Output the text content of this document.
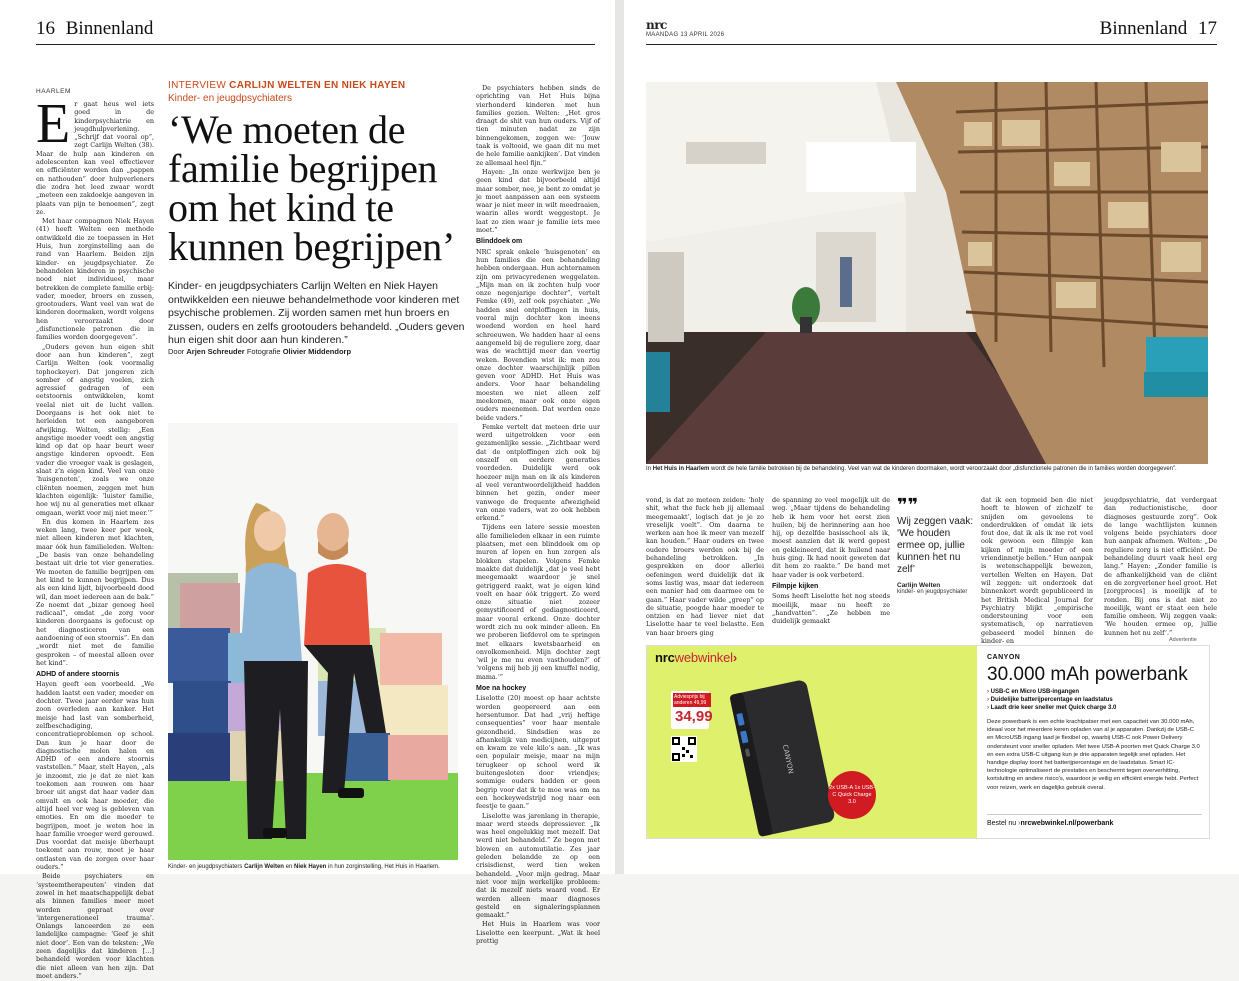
16 Binnenland
HAARLEM

Er gaat heus wel iets goed in de kinderpsychiatrie en jeugdhulpverlening. „Schrijf dat vooral op”, zegt Carlijn Welten (38). Maar de hulp aan kinderen en adolescenten kan veel effectiever en efficiënter worden dan „pappen en nathouden” door hulpverleners die zodra het leed zwaar wordt „meteen een zakdoekje aangeven in plaats van pijn te benoemen”, zegt ze.

Met haar compagnon Niek Hayen (41) heeft Welten een methode ontwikkeld die ze toepassen in Het Huis, hun zorginstelling aan de rand van Haarlem. Beiden zijn kinder- en jeugdpsychiater. Ze behandelen kinderen in psychische nood niet individueel, maar betrekken de complete familie erbij: vader, moeder, broers en zussen, grootouders. Want veel van wat de kinderen doormaken, wordt volgens hen veroorzaakt door „disfunctionele patronen die in families worden doorgegeven”.

„Ouders geven hun eigen shit door aan hun kinderen”, zegt Carlijn Welten (ook voormalig tophockeyer). Dat jongeren zich somber of angstig voelen, zich agressief gedragen of een eetstoornis ontwikkelen, komt veelal niet uit de lucht vallen. Doorgaans is het ook niet te herleiden tot een aangeboren afwijking. Welten, stellig: „Een angstige moeder voedt een angstig kind op dat op haar beurt weer angstige kinderen opvoedt. Een vader die vroeger vaak is geslagen, slaat z’n eigen kind. Veel van onze ‘huisgenoten’, zoals we onze cliënten noemen, zeggen met hun klachten eigenlijk: ‘luister familie, hoe wij nu al generaties met elkaar omgaan, werkt voor mij niet meer.’”

En dus komen in Haarlem zes weken lang, twee keer per week, niet alleen kinderen met klachten, maar óók hun familieleden. Welten: „De basis van onze behandeling bestaat uit drie tot vier generaties. We moeten de familie begrijpen om het kind te kunnen begrijpen. Dus als een kind lijdt, bijvoorbeeld dood wil, dan moet iedereen aan de bak.” Ze noemt dat „bizar genoeg heel radicaal”, omdat „de zorg voor kinderen doorgaans is gefocust op het diagnosticeren van een aandoening of een stoornis”. En dan „wordt niet met de familie gesproken – of meestal alleen over het kind”.

ADHD of andere stoornis

Hayen geeft een voorbeeld. „We hadden laatst een vader, moeder en dochter. Twee jaar eerder was hun zoon overleden aan kanker. Het meisje had last van somberheid, zelfbeschadiging, concentratieproblemen op school. Dan kun je haar door de diagnostische molen halen en ADHD of een andere stoornis vaststellen.” Maar, stelt Hayen, „als je inzoomt, zie je dat ze niet kan toekomen aan rouwen om haar broer uit angst dat haar vader dan omvalt en ook haar moeder, die altijd heel ver weg is gebleven van emoties. En om die moeder te begrijpen, moet je weten hoe in haar familie vroeger werd gerouwd. Dus voordat dat meisje überhaupt toekomt aan rouw, moet je haar ontlasten van de zorgen over haar ouders.”

Beide psychiaters en ‘systeemtherapeuten’ vinden dat zowel in het maatschappelijk debat als binnen families meer moet worden gepraat over ‘intergenerationeel trauma’. Onlangs lanceerden ze een landelijke campagne: ‘Geef je shit niet door’. Een van de teksten: „We zeen dagelijks dat kinderen […] behandeld worden voor klachten die niet alleen van hen zijn. Dat moet anders.”

INTERVIEW CARLIJN WELTEN EN NIEK HAYEN
Kinder- en jeugdpsychiaters
‘We moeten de familie begrijpen om het kind te kunnen begrijpen’
Kinder- en jeugdpsychiaters Carlijn Welten en Niek Hayen ontwikkelden een nieuwe behandelmethode voor kinderen met psychische problemen. Zij worden samen met hun broers en zussen, ouders en zelfs grootouders behandeld. „Ouders geven hun eigen shit door aan hun kinderen.”
Door Arjen Schreuder Fotografie Olivier Middendorp
Kinder- en jeugdpsychiaters Carlijn Welten en Niek Hayen in hun zorginstelling, Het Huis in Haarlem.

De psychiaters hebben sinds de oprichting van Het Huis bijna vierhonderd kinderen met hun families gezien. Welten: „Het gros draagt de shit van hun ouders. Vijf of tien minuten nadat ze zijn binnengekomen, zeggen we: ‘Jouw taak is voltooid, we gaan dit nu met de hele familie aankijken’. Dat vinden ze allemaal heel fijn.”

Hayen: „In onze werkwijze ben je geen kind dat bijvoorbeeld altijd maar somber, nee, je bent zo omdat je je moet aanpassen aan een systeem waar je niet meer in wilt meedraaien, waarin alles wordt weggestopt. Je laat zo zien waar je familie iets mee moet.”

Blinddoek om

NRC sprak enkele ‘huisgenoten’ en hun families die een behandeling hebben ondergaan. Hun achternamen zijn om privacyredenen weggelaten. „Mijn man en ik zochten hulp voor onze negenjarige dochter”, vertelt Femke (49), zelf ook psychiater. „We hadden snel ontploffingen in huis, vooral mijn dochter kon ineens woedend worden en heel hard schreeuwen. We hadden haar al eens aangemeld bij de reguliere zorg, daar was de wachttijd meer dan veertig weken. Bovendien wist ik: men zou onze dochter waarschijnlijk pillen geven voor ADHD. Het Huis was anders. Voor haar behandeling moesten we niet alleen zelf meekomen, maar ook onze eigen ouders meenemen. Dat werden onze beide vaders.”

Femke vertelt dat meteen drie uur werd uitgetrokken voor een gezamenlijke sessie. „Zichtbaar werd dat de ontploffingen zich ook bij onszelf en eerdere generaties voordeden. Duidelijk werd ook hoezeer mijn man en ik als kinderen al veel verantwoordelijkheid hadden binnen het gezin, onder meer vanwege de frequente afwezigheid van onze vaders, wat zo ook hebben erkend.”

Tijdens een latere sessie moesten alle familieleden elkaar in een ruimte plaatsen, met een blinddoek om op muren af lopen en hun zorgen als blokken stapelen. Volgens Femke maakte dat duidelijk „dat je veel hebt meegemaakt waardoor je snel getriggerd raakt, wat je eigen kind voelt en haar óók triggert. Zo werd onze situatie niet zozeer gemystificeerd of gediagnosticeerd, maar vooral erkend. Onze dochter wordt zich nu ook minder alleen. En we proberen liefdevol om te springen met elkaars kwetsbaarheid en onvolkomenheid. Mijn dochter zegt ‘wil je me nu even vasthouden?’ of ‘volgens mij heb jij een knuffel nodig, mama.’”

Moe na hockey

Liselotte (20) moest op haar achtste worden geopereerd aan een hersentumor. Dat had „vrij heftige consequenties” voor haar mentale gezondheid. Sindsdien was ze afhankelijk van medicijnen, uitgeput en kwam ze vele kilo’s aan. „Ik was een populair meisje, maar na mijn terugkeer op school werd ik buitengesloten door vriendjes; sommige ouders hadden er geen begrip voor dat ik te moe was om na een hockeywedstrijd nog naar een feestje te gaan.”

Liselotte was jarenlang in therapie, maar werd steeds depressiever. „Ik was heel ongelukkig met mezelf. Dat werd niet behandeld.” Ze begon met blowen en automutilatie. Zes jaar geleden belandde ze op een crisisdienst, werd tien weken behandeld. „Voor mijn gedrag. Maar niet voor mijn werkelijke probleem: dat ik mezelf niets waard vond. Er werden alleen maar diagnoses gesteld en signaleringsplannen gemaakt.”

Het Huis in Haarlem was voor Liselotte een keerpunt. „Wat ik heel prettig

nrc
MAANDAG 13 APRIL 2026	Binnenland 17
In Het Huis in Haarlem wordt de hele familie betrokken bij de behandeling. Veel van wat de kinderen doormaken, wordt veroorzaakt door „disfunctionele patronen die in families worden doorgegeven”.

vond, is dat ze meteen zeiden: ‘holy shit, what the fuck heb jij allemaal meegemaakt’, logisch dat je je zo vreselijk voelt”. Om daarna te werken aan hoe ik meer van mezelf kan houden.” Haar ouders en twee oudere broers werden ook bij de behandeling betrokken. „In gesprekken en door allerlei oefeningen werd duidelijk dat ik soms lastig was, maar dat iedereen een manier had om daarmee om te gaan.” Haar vader wilde „greep” op de situatie, poogde haar moeder te ontzien en had liever niet dat Liselotte haar te veel belastte. Een van haar broers ging

de spanning zo veel mogelijk uit de weg. „Maar tijdens de behandeling heb ik hem voor het eerst zien huilen, bij de herinnering aan hoe hij, op dezelfde basisschool als ik, moest aanzien dat ik werd gepest en gekleineerd, dat ik huilend naar huis ging. Ik had nooit geweten dat dit hem zo raakte.” De band met haar vader is ook verbeterd.

Filmpje kijken

Soms heeft Liselotte het nog steeds moeilijk, maar nu heeft ze „handvatten”. „Ze hebben me duidelijk gemaakt

❞❞
Wij zeggen vaak: ‘We houden ermee op, jullie kunnen het nu zelf’
Carlijn Welten
kinder- en jeugdpsychiater

dat ik een topmeid ben die niet hoeft te blowen of zichzelf te snijden om gevoelens te onderdrukken of omdat ik iets fout doe, dat ik als ik me rot voel ook gewoon een filmpje kan kijken of mijn moeder of een vriendinnetje bellen.” Hun aanpak is wetenschappelijk bewezen, vertellen Welten en Hayen. Dat wil zeggen: uit onderzoek dat binnenkort wordt gepubliceerd in het British Medical Journal for Psychiatry blijkt „empirische ondersteuning voor een systematisch, op narratieven gebaseerd model binnen de kinder- en

jeugdpsychiatrie, dat verdergaat dan reductionistische, door diagnoses gestuurde zorg”. Ook de lange wachtlijsten kunnen volgens beide psychiaters door hun aanpak afnemen. Welten: „De reguliere zorg is niet efficiënt. De behandeling duurt vaak heel erg lang.” Hayen: „Zonder familie is de afhankelijkheid van de cliënt en de zorgverlener heel groot. Het [zorgproces] is moeilijk af te ronden. Bij ons is dat niet zo moeilijk, want er staat een hele familie omheen. Wij zeggen vaak: ‘We houden ermee op, jullie kunnen het nu zelf’.”

Advertentie
nrcwebwinkel›
Adviesprijs bij anderen 49,99
34,99
CANYON
2x USB-A 1x USB-C Quick Charge 3.0
CANYON
30.000 mAh powerbank
› USB-C en Micro USB-ingangen
› Duidelijke batterijpercentage en laadstatus
› Laadt drie keer sneller met Quick charge 3.0
Deze powerbank is een echte krachtpatser met een capaciteit van 30.000 mAh, ideaal voor het meerdere keren opladen van al je apparaten. Dankzij de USB-C en MicroUSB ingang laad je flexibel op, waarbij USB-C ook Power Delivery ondersteunt voor sneller opladen. Met twee USB-A poorten met Quick Charge 3.0 en een extra USB-C uitgang kun je drie apparaten tegelijk snel opladen. Het handige display toont het batterijpercentage en de laadstatus. Smart IC-technologie optimaliseert de prestaties en beschermt tegen oververhitting, kortsluiting en andere risico's, waardoor je veilig en efficiënt energie hebt. Perfect voor reizen, werk en dagelijks gebruik overal.
Bestel nu ›nrcwebwinkel.nl/powerbank
